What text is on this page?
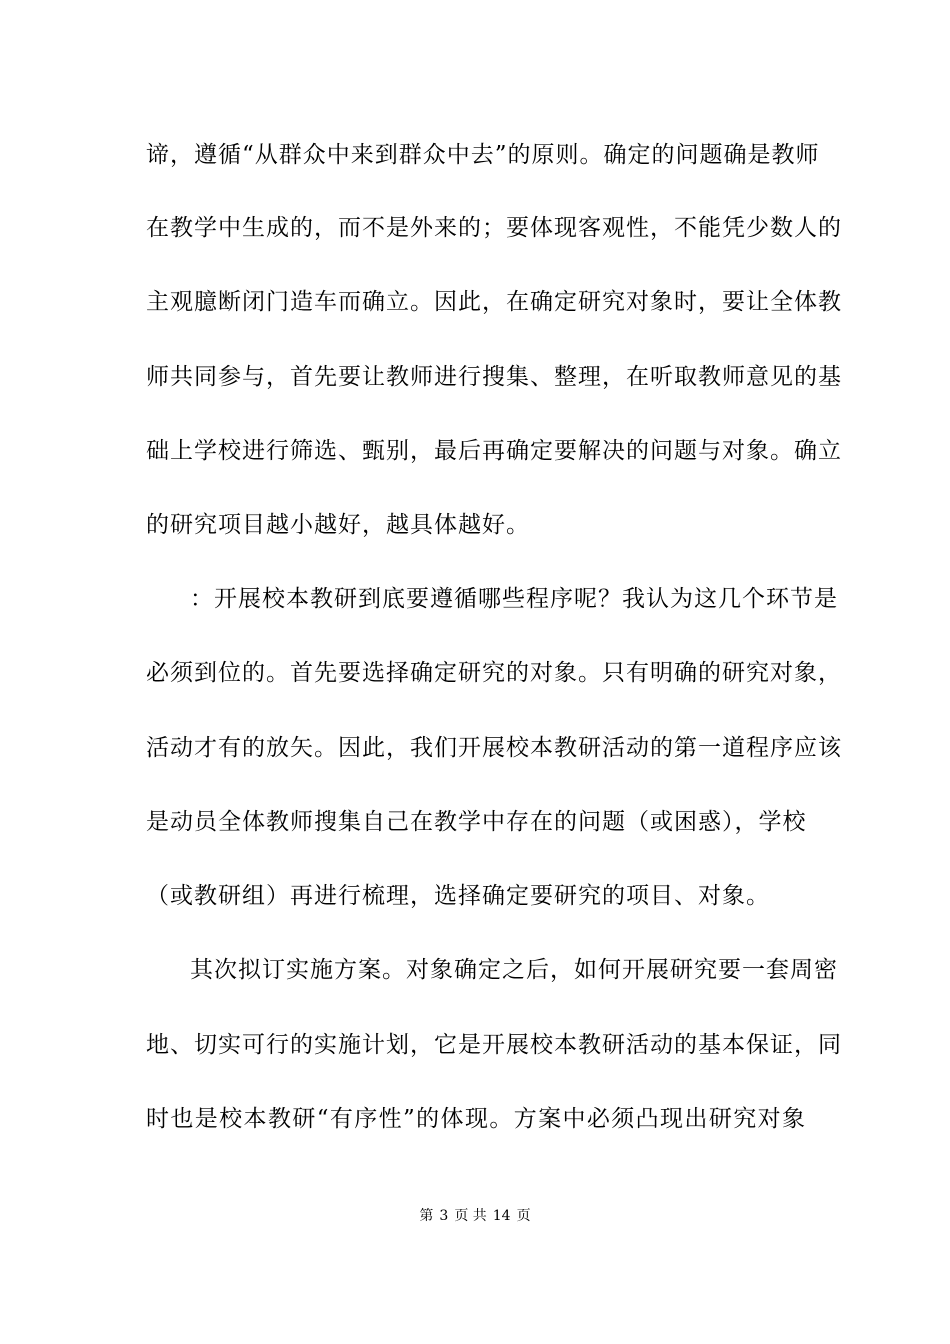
谛，遵循“从群众中来到群众中去”的原则。确定的问题确是教师
在教学中生成的，而不是外来的；要体现客观性，不能凭少数人的
主观臆断闭门造车而确立。因此，在确定研究对象时，要让全体教
师共同参与，首先要让教师进行搜集、整理，在听取教师意见的基
础上学校进行筛选、甄别，最后再确定要解决的问题与对象。确立
的研究项目越小越好，越具体越好。
：开展校本教研到底要遵循哪些程序呢？我认为这几个环节是
必须到位的。首先要选择确定研究的对象。只有明确的研究对象，
活动才有的放矢。因此，我们开展校本教研活动的第一道程序应该
是动员全体教师搜集自己在教学中存在的问题（或困惑），学校
（或教研组）再进行梳理，选择确定要研究的项目、对象。
其次拟订实施方案。对象确定之后，如何开展研究要一套周密
地、切实可行的实施计划，它是开展校本教研活动的基本保证，同
时也是校本教研“有序性”的体现。方案中必须凸现出研究对象
第 3 页 共 14 页
